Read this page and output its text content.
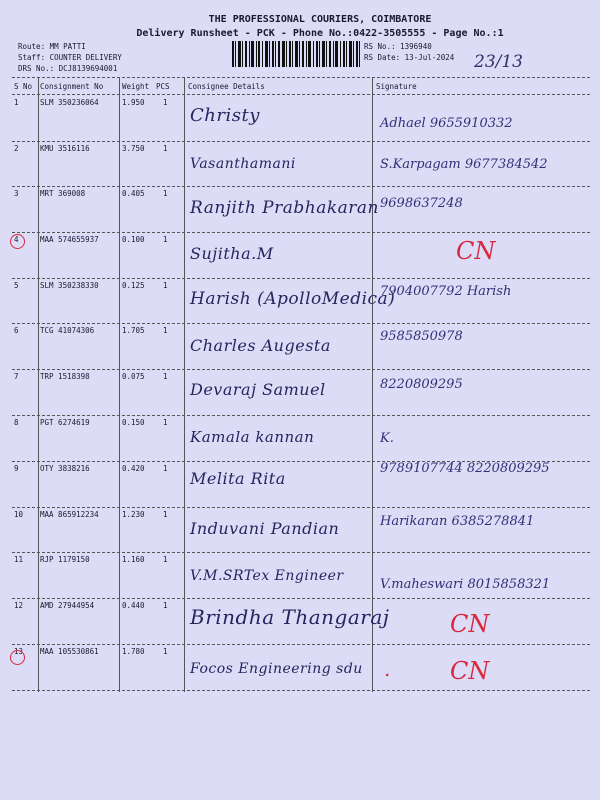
THE PROFESSIONAL COURIERS, COIMBATORE
Delivery Runsheet - PCK - Phone No.:0422-3505555 - Page No.:1
Route: MM PATTI
Staff: COUNTER DELIVERY
DRS No.: DCJ8139694001
RS No.: 1396940
RS Date: 13-Jul-2024 23/13
S No Consignment No	Weight PCS Consignee Details	Signature
1	SLM 350236064	1.950 1
Christy	Adhael 9655910332
2	KMU 3516116	3.750 1
Vasanthamani	S.Karpagam 9677384542
3	MRT 369008	0.405 1
Ranjith Prabhakaran 9698637248
4	MAA 574655937	0.100 1
Sujitha.M	CN
5	SLM 350238330	0.125 1
Harish (ApolloMedica)
7904007792 Harish
6	TCG 41074306	1.705 1
Charles Augesta	9585850978
7	TRP 1518398	0.075 1
Devaraj Samuel	8220809295
8	PGT 6274619	0.150 1
Kamala kannan	K.
9	OTY 3838216	0.420 1
Melita Rita
9789107744 8220809295
10 MAA 865912234	1.230 1
Induvani Pandian	Harikaran 6385278841
11 RJP 1179150	1.160 1
V.M.SRTex Engineer
V.maheswari 8015858321
12 AMD 27944954	0.440 1 Brindha Thangaraj	CN
13 MAA 105530861	1.780 1
Focos Engineering sdu	CN
.
